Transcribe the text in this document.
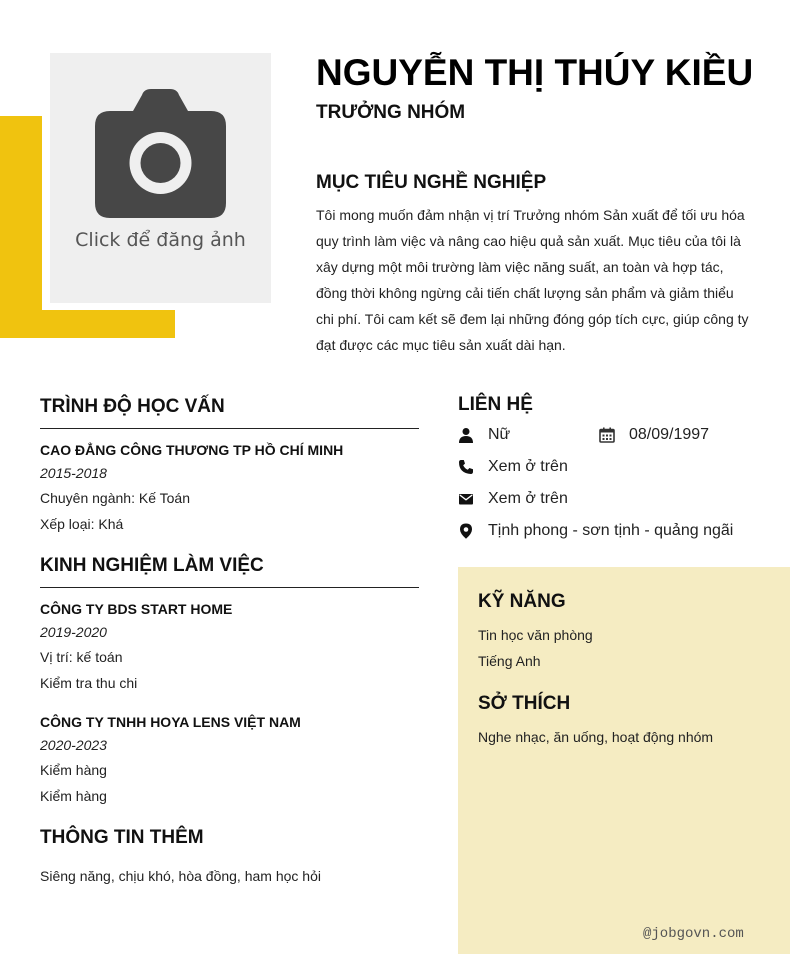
Click để đăng ảnh
NGUYỄN THỊ THÚY KIỀU
TRƯỞNG NHÓM
MỤC TIÊU NGHỀ NGHIỆP
Tôi mong muốn đảm nhận vị trí Trưởng nhóm Sản xuất để tối ưu hóa
quy trình làm việc và nâng cao hiệu quả sản xuất. Mục tiêu của tôi là
xây dựng một môi trường làm việc năng suất, an toàn và hợp tác,
đồng thời không ngừng cải tiến chất lượng sản phẩm và giảm thiểu
chi phí. Tôi cam kết sẽ đem lại những đóng góp tích cực, giúp công ty
đạt được các mục tiêu sản xuất dài hạn.
TRÌNH ĐỘ HỌC VẤN
CAO ĐẲNG CÔNG THƯƠNG TP HỒ CHÍ MINH
2015-2018
Chuyên ngành: Kế Toán
Xếp loại: Khá
KINH NGHIỆM LÀM VIỆC
CÔNG TY BDS START HOME
2019-2020
Vị trí: kế toán
Kiểm tra thu chi
CÔNG TY TNHH HOYA LENS VIỆT NAM
2020-2023
Kiểm hàng
Kiểm hàng
THÔNG TIN THÊM
Siêng năng, chịu khó, hòa đồng, ham học hỏi
LIÊN HỆ
Nữ	08/09/1997
Xem ở trên
Xem ở trên
Tịnh phong - sơn tịnh - quảng ngãi
KỸ NĂNG
Tin học văn phòng
Tiếng Anh
SỞ THÍCH
Nghe nhạc, ăn uống, hoạt động nhóm
@jobgovn.com
